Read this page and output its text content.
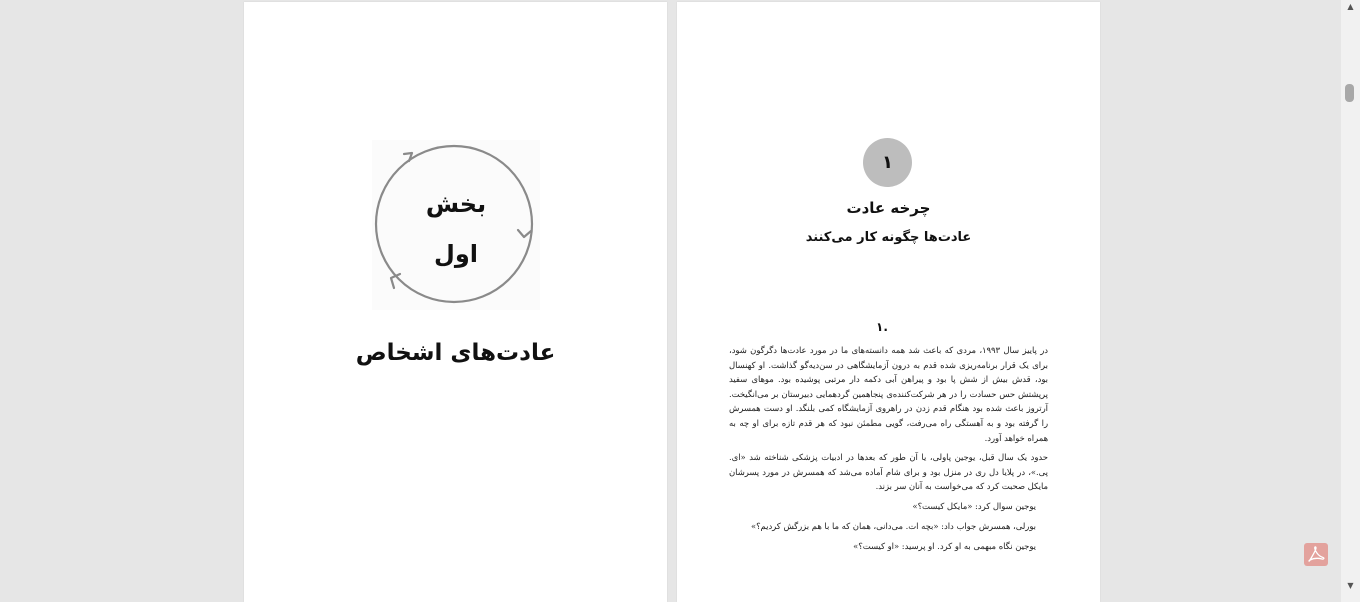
بخش
اول
عادت‌های اشخاص
۱
چرخه عادت
عادت‌ها چگونه کار می‌کنند
۱.

در پاییز سال ۱۹۹۳، مردی که باعث شد همه دانسته‌های ما در مورد عادت‌ها دگرگون شود، برای یک قرار برنامه‌ریزی شده قدم به درون آزمایشگاهی در سن‌دیه‌گو گذاشت. او کهنسال بود، قدش بیش از شش پا بود و پیراهن آبی دکمه دار مرتبی پوشیده بود. موهای سفید پرپشتش حس حسادت را در هر شرکت‌کننده‌ی پنجاهمین گردهمایی دبیرستان بر می‌انگیخت. آرتروز باعث شده بود هنگام قدم زدن در راهروی آزمایشگاه کمی بلنگد. او دست همسرش را گرفته بود و به آهستگی راه می‌رفت، گویی مطمئن نبود که هر قدم تازه برای او چه به همراه خواهد آورد.

حدود یک سال قبل، یوجین پاولی، یا آن طور که بعدها در ادبیات پزشکی شناخته شد «ای. پی.»، در پلایا دل ری در منزل بود و برای شام آماده می‌شد که همسرش در مورد پسرشان مایکل صحبت کرد که می‌خواست به آنان سر بزند.

یوجین سوال کرد: «مایکل کیست؟»

بورلی، همسرش جواب داد: «بچه ات. می‌دانی، همان که ما با هم بزرگش کردیم؟»

یوجین نگاه مبهمی به او کرد. او پرسید: «او کیست؟»

▲
▼
